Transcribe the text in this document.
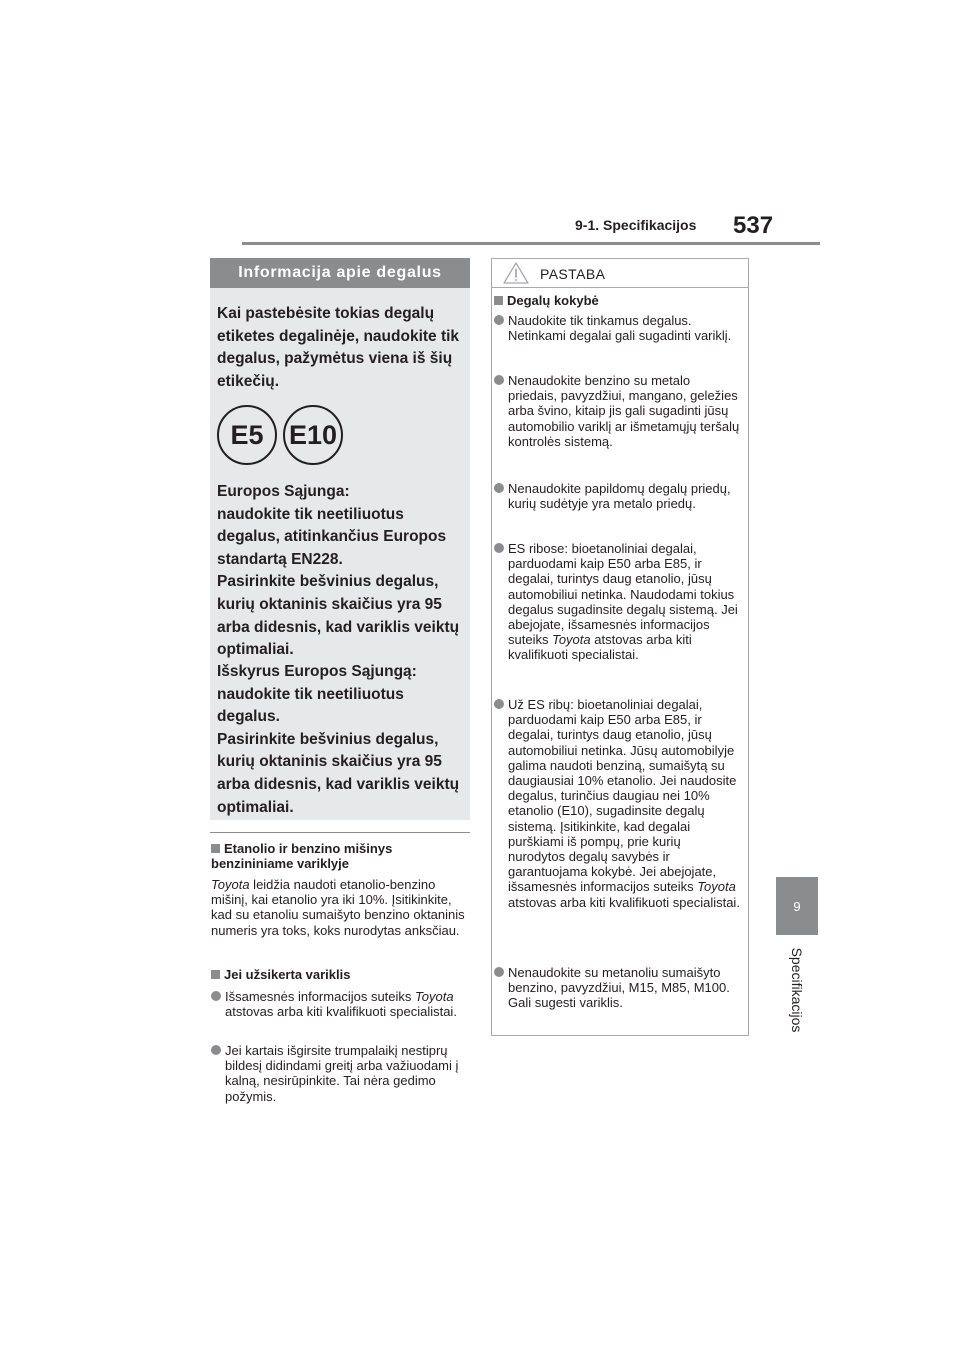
9-1. Specifikacijos 537
9
Specifikacijos
Informacija apie degalus

Kai pastebėsite tokias degalų etiketes degalinėje, naudokite tik degalus, pažymėtus viena iš šių etikečių.

E5 E10
Europos Sąjunga:
naudokite tik neetiliuotus degalus, atitinkančius Europos standartą EN228.
Pasirinkite bešvinius degalus, kurių oktaninis skaičius yra 95 arba didesnis, kad variklis veiktų optimaliai.
Išskyrus Europos Sąjungą:
naudokite tik neetiliuotus degalus.
Pasirinkite bešvinius degalus, kurių oktaninis skaičius yra 95 arba didesnis, kad variklis veiktų optimaliai.
Etanolio ir benzino mišinys benzininiame variklyje
Toyota leidžia naudoti etanolio-benzino mišinį, kai etanolio yra iki 10%. Įsitikinkite, kad su etanoliu sumaišyto benzino oktaninis numeris yra toks, koks nurodytas anksčiau.
Jei užsikerta variklis
Išsamesnės informacijos suteiks Toyota atstovas arba kiti kvalifikuoti specialistai.
Jei kartais išgirsite trumpalaikį nestiprų bildesį didindami greitį arba važiuodami į kalną, nesirūpinkite. Tai nėra gedimo požymis.
PASTABA
Degalų kokybė
Naudokite tik tinkamus degalus. Netinkami degalai gali sugadinti variklį.
Nenaudokite benzino su metalo priedais, pavyzdžiui, mangano, geležies arba švino, kitaip jis gali sugadinti jūsų automobilio variklį ar išmetamųjų teršalų kontrolės sistemą.
Nenaudokite papildomų degalų priedų, kurių sudėtyje yra metalo priedų.
ES ribose: bioetanoliniai degalai, parduodami kaip E50 arba E85, ir degalai, turintys daug etanolio, jūsų automobiliui netinka. Naudodami tokius degalus sugadinsite degalų sistemą. Jei abejojate, išsamesnės informacijos suteiks Toyota atstovas arba kiti kvalifikuoti specialistai.
Už ES ribų: bioetanoliniai degalai, parduodami kaip E50 arba E85, ir degalai, turintys daug etanolio, jūsų automobiliui netinka. Jūsų automobilyje galima naudoti benziną, sumaišytą su daugiausiai 10% etanolio. Jei naudosite degalus, turinčius daugiau nei 10% etanolio (E10), sugadinsite degalų sistemą. Įsitikinkite, kad degalai purškiami iš pompų, prie kurių nurodytos degalų savybės ir garantuojama kokybė. Jei abejojate, išsamesnės informacijos suteiks Toyota atstovas arba kiti kvalifikuoti specialistai.
Nenaudokite su metanoliu sumaišyto benzino, pavyzdžiui, M15, M85, M100. Gali sugesti variklis.
